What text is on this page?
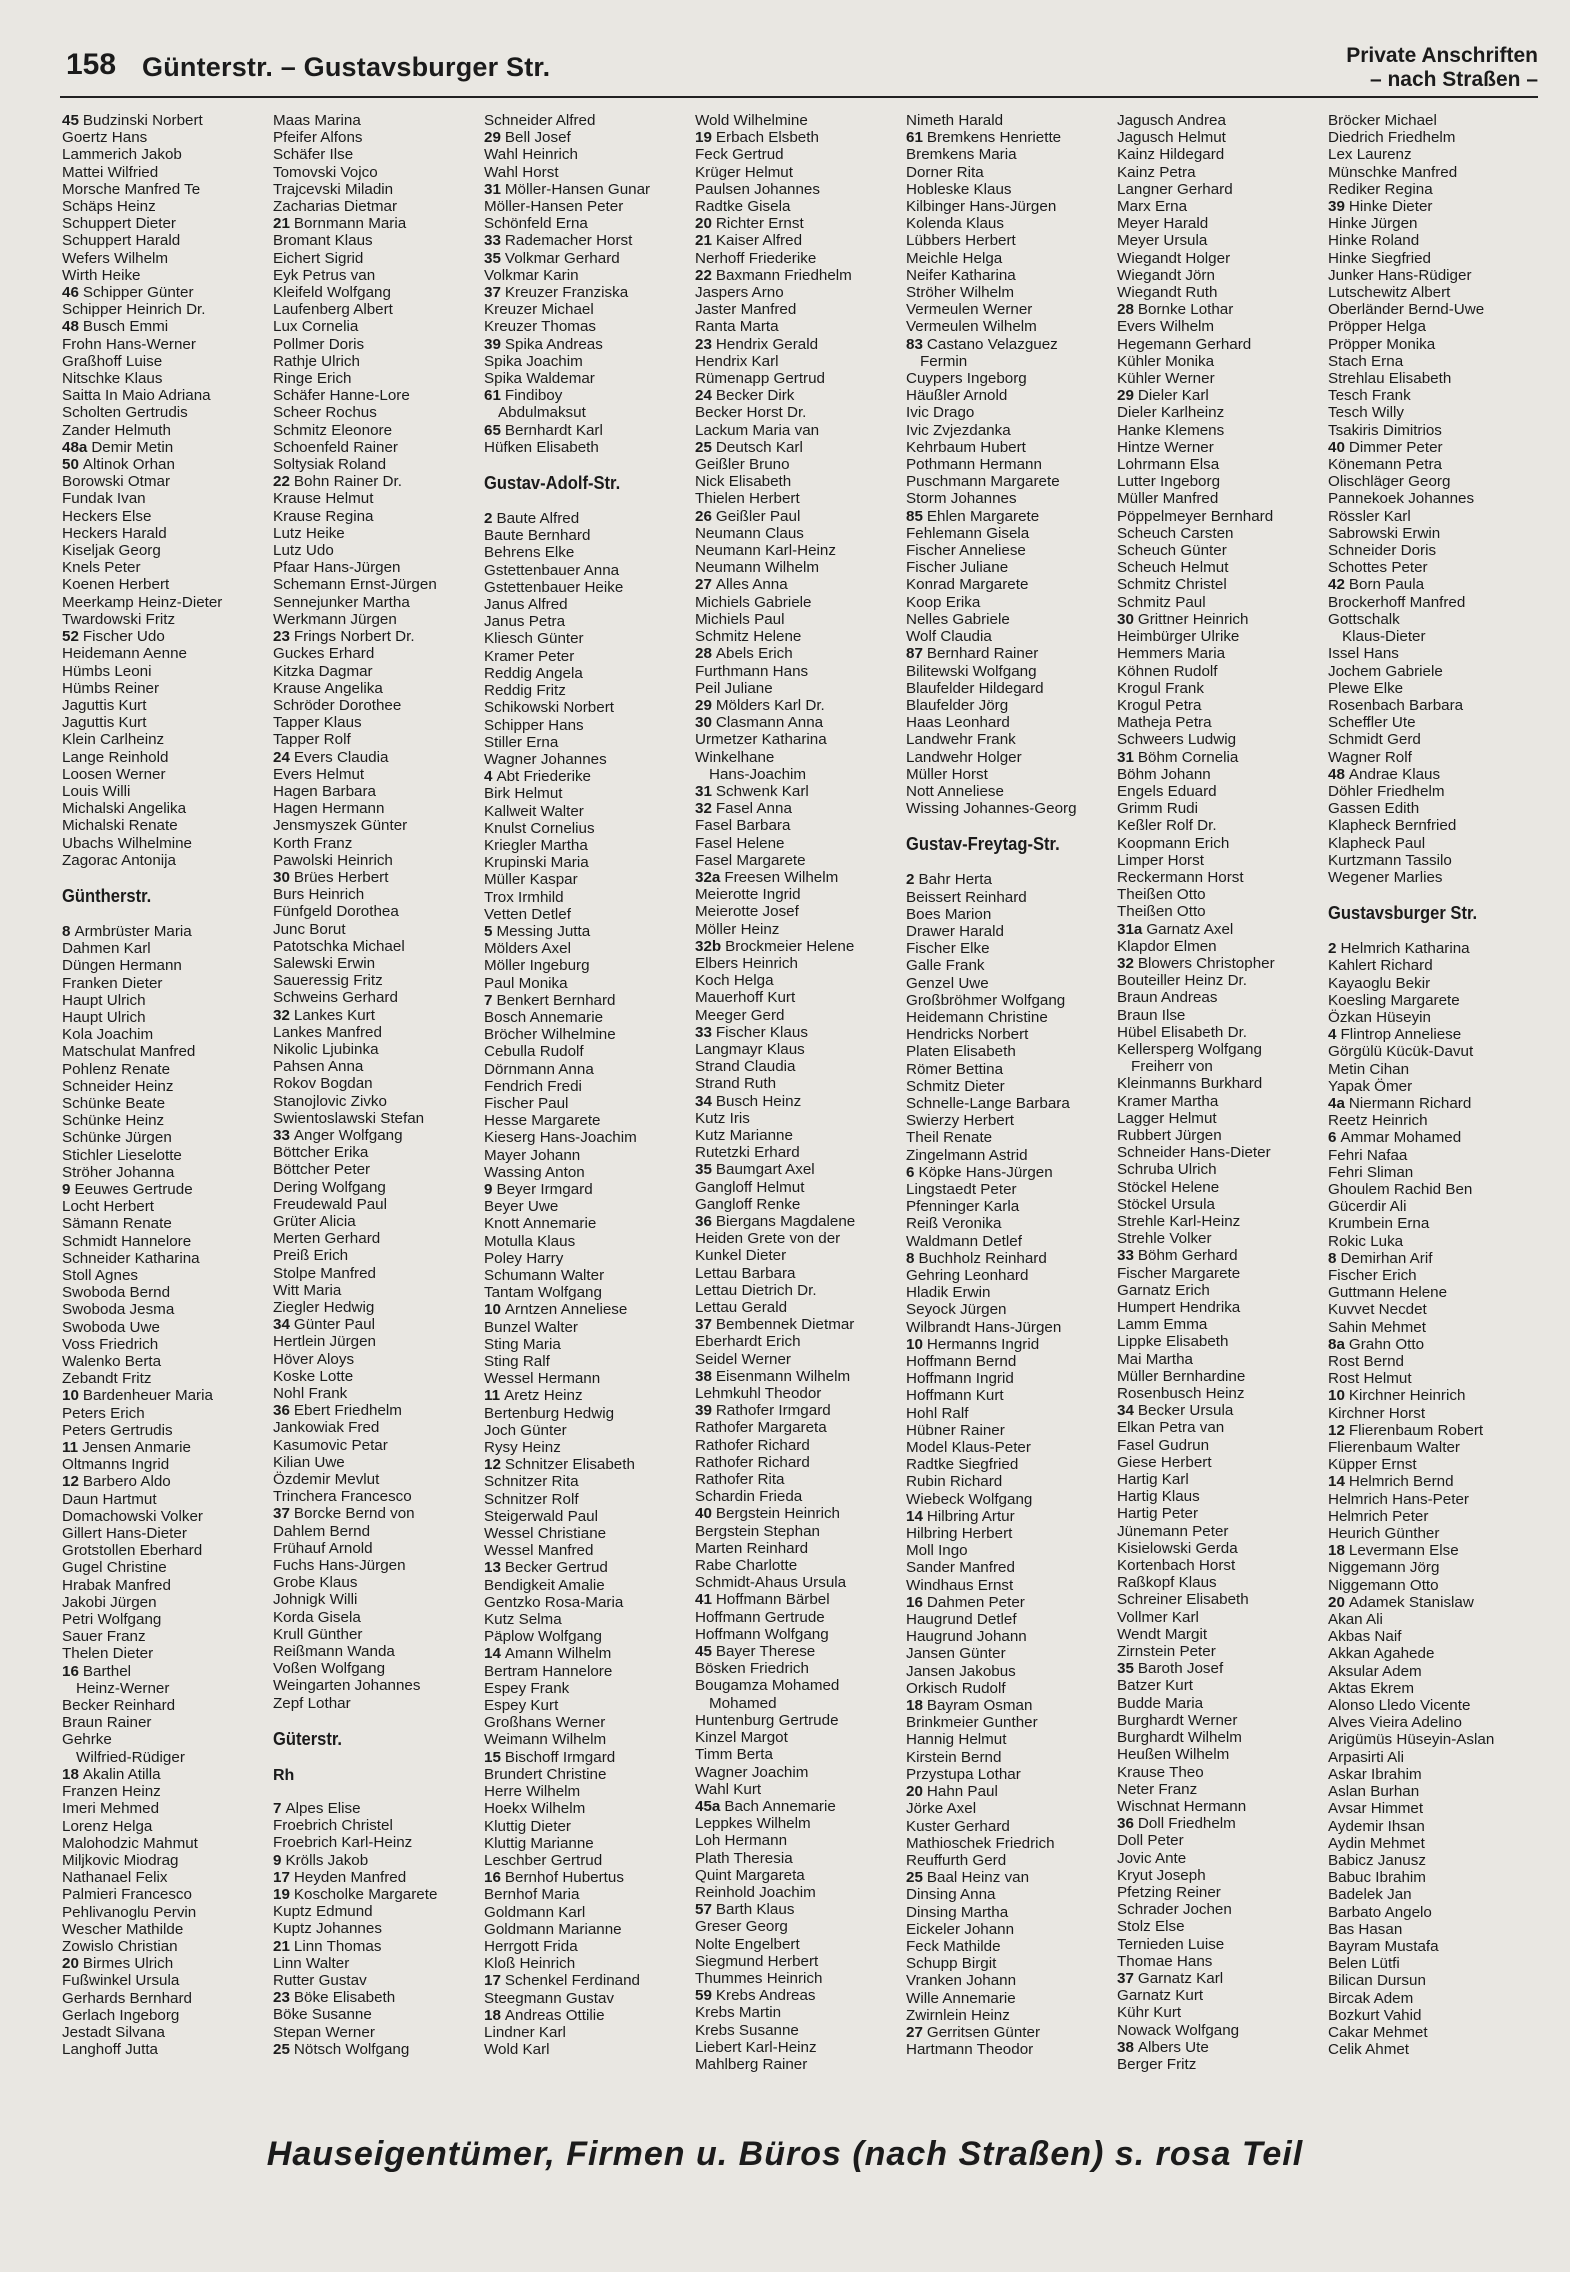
158 Günterstr. – Gustavsburger Str.	Private Anschriften
– nach Straßen –
45 Budzinski Norbert
Goertz Hans
Lammerich Jakob
Mattei Wilfried
Morsche Manfred Te
Schäps Heinz
Schuppert Dieter
Schuppert Harald
Wefers Wilhelm
Wirth Heike
46 Schipper Günter
Schipper Heinrich Dr.
48 Busch Emmi
Frohn Hans-Werner
Graßhoff Luise
Nitschke Klaus
Saitta In Maio Adriana
Scholten Gertrudis
Zander Helmuth
48a Demir Metin
50 Altinok Orhan
Borowski Otmar
Fundak Ivan
Heckers Else
Heckers Harald
Kiseljak Georg
Knels Peter
Koenen Herbert
Meerkamp Heinz-Dieter
Twardowski Fritz
52 Fischer Udo
Heidemann Aenne
Hümbs Leoni
Hümbs Reiner
Jaguttis Kurt
Jaguttis Kurt
Klein Carlheinz
Lange Reinhold
Loosen Werner
Louis Willi
Michalski Angelika
Michalski Renate
Ubachs Wilhelmine
Zagorac Antonija
Güntherstr.
8 Armbrüster Maria
Dahmen Karl
Düngen Hermann
Franken Dieter
Haupt Ulrich
Haupt Ulrich
Kola Joachim
Matschulat Manfred
Pohlenz Renate
Schneider Heinz
Schünke Beate
Schünke Heinz
Schünke Jürgen
Stichler Lieselotte
Ströher Johanna
9 Eeuwes Gertrude
Locht Herbert
Sämann Renate
Schmidt Hannelore
Schneider Katharina
Stoll Agnes
Swoboda Bernd
Swoboda Jesma
Swoboda Uwe
Voss Friedrich
Walenko Berta
Zebandt Fritz
10 Bardenheuer Maria
Peters Erich
Peters Gertrudis
11 Jensen Anmarie
Oltmanns Ingrid
12 Barbero Aldo
Daun Hartmut
Domachowski Volker
Gillert Hans-Dieter
Grotstollen Eberhard
Gugel Christine
Hrabak Manfred
Jakobi Jürgen
Petri Wolfgang
Sauer Franz
Thelen Dieter
16 Barthel
Heinz-Werner
Becker Reinhard
Braun Rainer
Gehrke
Wilfried-Rüdiger
18 Akalin Atilla
Franzen Heinz
Imeri Mehmed
Lorenz Helga
Malohodzic Mahmut
Miljkovic Miodrag
Nathanael Felix
Palmieri Francesco
Pehlivanoglu Pervin
Wescher Mathilde
Zowislo Christian
20 Birmes Ulrich
Fußwinkel Ursula
Gerhards Bernhard
Gerlach Ingeborg
Jestadt Silvana
Langhoff Jutta
Maas Marina
Pfeifer Alfons
Schäfer Ilse
Tomovski Vojco
Trajcevski Miladin
Zacharias Dietmar
21 Bornmann Maria
Bromant Klaus
Eichert Sigrid
Eyk Petrus van
Kleifeld Wolfgang
Laufenberg Albert
Lux Cornelia
Pollmer Doris
Rathje Ulrich
Ringe Erich
Schäfer Hanne-Lore
Scheer Rochus
Schmitz Eleonore
Schoenfeld Rainer
Soltysiak Roland
22 Bohn Rainer Dr.
Krause Helmut
Krause Regina
Lutz Heike
Lutz Udo
Pfaar Hans-Jürgen
Schemann Ernst-Jürgen
Sennejunker Martha
Werkmann Jürgen
23 Frings Norbert Dr.
Guckes Erhard
Kitzka Dagmar
Krause Angelika
Schröder Dorothee
Tapper Klaus
Tapper Rolf
24 Evers Claudia
Evers Helmut
Hagen Barbara
Hagen Hermann
Jensmyszek Günter
Korth Franz
Pawolski Heinrich
30 Brües Herbert
Burs Heinrich
Fünfgeld Dorothea
Junc Borut
Patotschka Michael
Salewski Erwin
Saueressig Fritz
Schweins Gerhard
32 Lankes Kurt
Lankes Manfred
Nikolic Ljubinka
Pahsen Anna
Rokov Bogdan
Stanojlovic Zivko
Swientoslawski Stefan
33 Anger Wolfgang
Böttcher Erika
Böttcher Peter
Dering Wolfgang
Freudewald Paul
Grüter Alicia
Merten Gerhard
Preiß Erich
Stolpe Manfred
Witt Maria
Ziegler Hedwig
34 Günter Paul
Hertlein Jürgen
Höver Aloys
Koske Lotte
Nohl Frank
36 Ebert Friedhelm
Jankowiak Fred
Kasumovic Petar
Kilian Uwe
Özdemir Mevlut
Trinchera Francesco
37 Borcke Bernd von
Dahlem Bernd
Frühauf Arnold
Fuchs Hans-Jürgen
Grobe Klaus
Johnigk Willi
Korda Gisela
Krull Günther
Reißmann Wanda
Voßen Wolfgang
Weingarten Johannes
Zepf Lothar
Güterstr.
Rh
7 Alpes Elise
Froebrich Christel
Froebrich Karl-Heinz
9 Krölls Jakob
17 Heyden Manfred
19 Koscholke Margarete
Kuptz Edmund
Kuptz Johannes
21 Linn Thomas
Linn Walter
Rutter Gustav
23 Böke Elisabeth
Böke Susanne
Stepan Werner
25 Nötsch Wolfgang
Schneider Alfred
29 Bell Josef
Wahl Heinrich
Wahl Horst
31 Möller-Hansen Gunar
Möller-Hansen Peter
Schönfeld Erna
33 Rademacher Horst
35 Volkmar Gerhard
Volkmar Karin
37 Kreuzer Franziska
Kreuzer Michael
Kreuzer Thomas
39 Spika Andreas
Spika Joachim
Spika Waldemar
61 Findiboy
Abdulmaksut
65 Bernhardt Karl
Hüfken Elisabeth
Gustav-Adolf-Str.
2 Baute Alfred
Baute Bernhard
Behrens Elke
Gstettenbauer Anna
Gstettenbauer Heike
Janus Alfred
Janus Petra
Kliesch Günter
Kramer Peter
Reddig Angela
Reddig Fritz
Schikowski Norbert
Schipper Hans
Stiller Erna
Wagner Johannes
4 Abt Friederike
Birk Helmut
Kallweit Walter
Knulst Cornelius
Kriegler Martha
Krupinski Maria
Müller Kaspar
Trox Irmhild
Vetten Detlef
5 Messing Jutta
Mölders Axel
Möller Ingeburg
Paul Monika
7 Benkert Bernhard
Bosch Annemarie
Bröcher Wilhelmine
Cebulla Rudolf
Dörnmann Anna
Fendrich Fredi
Fischer Paul
Hesse Margarete
Kieserg Hans-Joachim
Mayer Johann
Wassing Anton
9 Beyer Irmgard
Beyer Uwe
Knott Annemarie
Motulla Klaus
Poley Harry
Schumann Walter
Tantam Wolfgang
10 Arntzen Anneliese
Bunzel Walter
Sting Maria
Sting Ralf
Wessel Hermann
11 Aretz Heinz
Bertenburg Hedwig
Joch Günter
Rysy Heinz
12 Schnitzer Elisabeth
Schnitzer Rita
Schnitzer Rolf
Steigerwald Paul
Wessel Christiane
Wessel Manfred
13 Becker Gertrud
Bendigkeit Amalie
Gentzko Rosa-Maria
Kutz Selma
Päplow Wolfgang
14 Amann Wilhelm
Bertram Hannelore
Espey Frank
Espey Kurt
Großhans Werner
Weimann Wilhelm
15 Bischoff Irmgard
Brundert Christine
Herre Wilhelm
Hoekx Wilhelm
Kluttig Dieter
Kluttig Marianne
Leschber Gertrud
16 Bernhof Hubertus
Bernhof Maria
Goldmann Karl
Goldmann Marianne
Herrgott Frida
Kloß Heinrich
17 Schenkel Ferdinand
Steegmann Gustav
18 Andreas Ottilie
Lindner Karl
Wold Karl
Wold Wilhelmine
19 Erbach Elsbeth
Feck Gertrud
Krüger Helmut
Paulsen Johannes
Radtke Gisela
20 Richter Ernst
21 Kaiser Alfred
Nerhoff Friederike
22 Baxmann Friedhelm
Jaspers Arno
Jaster Manfred
Ranta Marta
23 Hendrix Gerald
Hendrix Karl
Rümenapp Gertrud
24 Becker Dirk
Becker Horst Dr.
Lackum Maria van
25 Deutsch Karl
Geißler Bruno
Nick Elisabeth
Thielen Herbert
26 Geißler Paul
Neumann Claus
Neumann Karl-Heinz
Neumann Wilhelm
27 Alles Anna
Michiels Gabriele
Michiels Paul
Schmitz Helene
28 Abels Erich
Furthmann Hans
Peil Juliane
29 Mölders Karl Dr.
30 Clasmann Anna
Urmetzer Katharina
Winkelhane
Hans-Joachim
31 Schwenk Karl
32 Fasel Anna
Fasel Barbara
Fasel Helene
Fasel Margarete
32a Freesen Wilhelm
Meierotte Ingrid
Meierotte Josef
Möller Heinz
32b Brockmeier Helene
Elbers Heinrich
Koch Helga
Mauerhoff Kurt
Meeger Gerd
33 Fischer Klaus
Langmayr Klaus
Strand Claudia
Strand Ruth
34 Busch Heinz
Kutz Iris
Kutz Marianne
Rutetzki Erhard
35 Baumgart Axel
Gangloff Helmut
Gangloff Renke
36 Biergans Magdalene
Heiden Grete von der
Kunkel Dieter
Lettau Barbara
Lettau Dietrich Dr.
Lettau Gerald
37 Bembennek Dietmar
Eberhardt Erich
Seidel Werner
38 Eisenmann Wilhelm
Lehmkuhl Theodor
39 Rathofer Irmgard
Rathofer Margareta
Rathofer Richard
Rathofer Richard
Rathofer Rita
Schardin Frieda
40 Bergstein Heinrich
Bergstein Stephan
Marten Reinhard
Rabe Charlotte
Schmidt-Ahaus Ursula
41 Hoffmann Bärbel
Hoffmann Gertrude
Hoffmann Wolfgang
45 Bayer Therese
Bösken Friedrich
Bougamza Mohamed
Mohamed
Huntenburg Gertrude
Kinzel Margot
Timm Berta
Wagner Joachim
Wahl Kurt
45a Bach Annemarie
Leppkes Wilhelm
Loh Hermann
Plath Theresia
Quint Margareta
Reinhold Joachim
57 Barth Klaus
Greser Georg
Nolte Engelbert
Siegmund Herbert
Thummes Heinrich
59 Krebs Andreas
Krebs Martin
Krebs Susanne
Liebert Karl-Heinz
Mahlberg Rainer
Nimeth Harald
61 Bremkens Henriette
Bremkens Maria
Dorner Rita
Hobleske Klaus
Kilbinger Hans-Jürgen
Kolenda Klaus
Lübbers Herbert
Meichle Helga
Neifer Katharina
Ströher Wilhelm
Vermeulen Werner
Vermeulen Wilhelm
83 Castano Velazguez
Fermin
Cuypers Ingeborg
Häußler Arnold
Ivic Drago
Ivic Zvjezdanka
Kehrbaum Hubert
Pothmann Hermann
Puschmann Margarete
Storm Johannes
85 Ehlen Margarete
Fehlemann Gisela
Fischer Anneliese
Fischer Juliane
Konrad Margarete
Koop Erika
Nelles Gabriele
Wolf Claudia
87 Bernhard Rainer
Bilitewski Wolfgang
Blaufelder Hildegard
Blaufelder Jörg
Haas Leonhard
Landwehr Frank
Landwehr Holger
Müller Horst
Nott Anneliese
Wissing Johannes-Georg
Gustav-Freytag-Str.
2 Bahr Herta
Beissert Reinhard
Boes Marion
Drawer Harald
Fischer Elke
Galle Frank
Genzel Uwe
Großbröhmer Wolfgang
Heidemann Christine
Hendricks Norbert
Platen Elisabeth
Römer Bettina
Schmitz Dieter
Schnelle-Lange Barbara
Swierzy Herbert
Theil Renate
Zingelmann Astrid
6 Köpke Hans-Jürgen
Lingstaedt Peter
Pfenninger Karla
Reiß Veronika
Waldmann Detlef
8 Buchholz Reinhard
Gehring Leonhard
Hladik Erwin
Seyock Jürgen
Wilbrandt Hans-Jürgen
10 Hermanns Ingrid
Hoffmann Bernd
Hoffmann Ingrid
Hoffmann Kurt
Hohl Ralf
Hübner Rainer
Model Klaus-Peter
Radtke Siegfried
Rubin Richard
Wiebeck Wolfgang
14 Hilbring Artur
Hilbring Herbert
Moll Ingo
Sander Manfred
Windhaus Ernst
16 Dahmen Peter
Haugrund Detlef
Haugrund Johann
Jansen Günter
Jansen Jakobus
Orkisch Rudolf
18 Bayram Osman
Brinkmeier Gunther
Hannig Helmut
Kirstein Bernd
Przystupa Lothar
20 Hahn Paul
Jörke Axel
Kuster Gerhard
Mathioschek Friedrich
Reuffurth Gerd
25 Baal Heinz van
Dinsing Anna
Dinsing Martha
Eickeler Johann
Feck Mathilde
Schupp Birgit
Vranken Johann
Wille Annemarie
Zwirnlein Heinz
27 Gerritsen Günter
Hartmann Theodor
Jagusch Andrea
Jagusch Helmut
Kainz Hildegard
Kainz Petra
Langner Gerhard
Marx Erna
Meyer Harald
Meyer Ursula
Wiegandt Holger
Wiegandt Jörn
Wiegandt Ruth
28 Bornke Lothar
Evers Wilhelm
Hegemann Gerhard
Kühler Monika
Kühler Werner
29 Dieler Karl
Dieler Karlheinz
Hanke Klemens
Hintze Werner
Lohrmann Elsa
Lutter Ingeborg
Müller Manfred
Pöppelmeyer Bernhard
Scheuch Carsten
Scheuch Günter
Scheuch Helmut
Schmitz Christel
Schmitz Paul
30 Grittner Heinrich
Heimbürger Ulrike
Hemmers Maria
Köhnen Rudolf
Krogul Frank
Krogul Petra
Matheja Petra
Schweers Ludwig
31 Böhm Cornelia
Böhm Johann
Engels Eduard
Grimm Rudi
Keßler Rolf Dr.
Koopmann Erich
Limper Horst
Reckermann Horst
Theißen Otto
Theißen Otto
31a Garnatz Axel
Klapdor Elmen
32 Blowers Christopher
Bouteiller Heinz Dr.
Braun Andreas
Braun Ilse
Hübel Elisabeth Dr.
Kellersperg Wolfgang
Freiherr von
Kleinmanns Burkhard
Kramer Martha
Lagger Helmut
Rubbert Jürgen
Schneider Hans-Dieter
Schruba Ulrich
Stöckel Helene
Stöckel Ursula
Strehle Karl-Heinz
Strehle Volker
33 Böhm Gerhard
Fischer Margarete
Garnatz Erich
Humpert Hendrika
Lamm Emma
Lippke Elisabeth
Mai Martha
Müller Bernhardine
Rosenbusch Heinz
34 Becker Ursula
Elkan Petra van
Fasel Gudrun
Giese Herbert
Hartig Karl
Hartig Klaus
Hartig Peter
Jünemann Peter
Kisielowski Gerda
Kortenbach Horst
Raßkopf Klaus
Schreiner Elisabeth
Vollmer Karl
Wendt Margit
Zirnstein Peter
35 Baroth Josef
Batzer Kurt
Budde Maria
Burghardt Werner
Burghardt Wilhelm
Heußen Wilhelm
Krause Theo
Neter Franz
Wischnat Hermann
36 Doll Friedhelm
Doll Peter
Jovic Ante
Kryut Joseph
Pfetzing Reiner
Schrader Jochen
Stolz Else
Ternieden Luise
Thomae Hans
37 Garnatz Karl
Garnatz Kurt
Kühr Kurt
Nowack Wolfgang
38 Albers Ute
Berger Fritz
Bröcker Michael
Diedrich Friedhelm
Lex Laurenz
Münschke Manfred
Rediker Regina
39 Hinke Dieter
Hinke Jürgen
Hinke Roland
Hinke Siegfried
Junker Hans-Rüdiger
Lutschewitz Albert
Oberländer Bernd-Uwe
Pröpper Helga
Pröpper Monika
Stach Erna
Strehlau Elisabeth
Tesch Frank
Tesch Willy
Tsakiris Dimitrios
40 Dimmer Peter
Könemann Petra
Olischläger Georg
Pannekoek Johannes
Rössler Karl
Sabrowski Erwin
Schneider Doris
Schottes Peter
42 Born Paula
Brockerhoff Manfred
Gottschalk
Klaus-Dieter
Issel Hans
Jochem Gabriele
Plewe Elke
Rosenbach Barbara
Scheffler Ute
Schmidt Gerd
Wagner Rolf
48 Andrae Klaus
Döhler Friedhelm
Gassen Edith
Klapheck Bernfried
Klapheck Paul
Kurtzmann Tassilo
Wegener Marlies
Gustavsburger Str.
2 Helmrich Katharina
Kahlert Richard
Kayaoglu Bekir
Koesling Margarete
Özkan Hüseyin
4 Flintrop Anneliese
Görgülü Kücük-Davut
Metin Cihan
Yapak Ömer
4a Niermann Richard
Reetz Heinrich
6 Ammar Mohamed
Fehri Nafaa
Fehri Sliman
Ghoulem Rachid Ben
Gücerdir Ali
Krumbein Erna
Rokic Luka
8 Demirhan Arif
Fischer Erich
Guttmann Helene
Kuvvet Necdet
Sahin Mehmet
8a Grahn Otto
Rost Bernd
Rost Helmut
10 Kirchner Heinrich
Kirchner Horst
12 Flierenbaum Robert
Flierenbaum Walter
Küpper Ernst
14 Helmrich Bernd
Helmrich Hans-Peter
Helmrich Peter
Heurich Günther
18 Levermann Else
Niggemann Jörg
Niggemann Otto
20 Adamek Stanislaw
Akan Ali
Akbas Naif
Akkan Agahede
Aksular Adem
Aktas Ekrem
Alonso Lledo Vicente
Alves Vieira Adelino
Arigümüs Hüseyin-Aslan
Arpasirti Ali
Askar Ibrahim
Aslan Burhan
Avsar Himmet
Aydemir Ihsan
Aydin Mehmet
Babicz Janusz
Babuc Ibrahim
Badelek Jan
Barbato Angelo
Bas Hasan
Bayram Mustafa
Belen Lütfi
Bilican Dursun
Bircak Adem
Bozkurt Vahid
Cakar Mehmet
Celik Ahmet
Hauseigentümer, Firmen u. Büros (nach Straßen) s. rosa Teil
